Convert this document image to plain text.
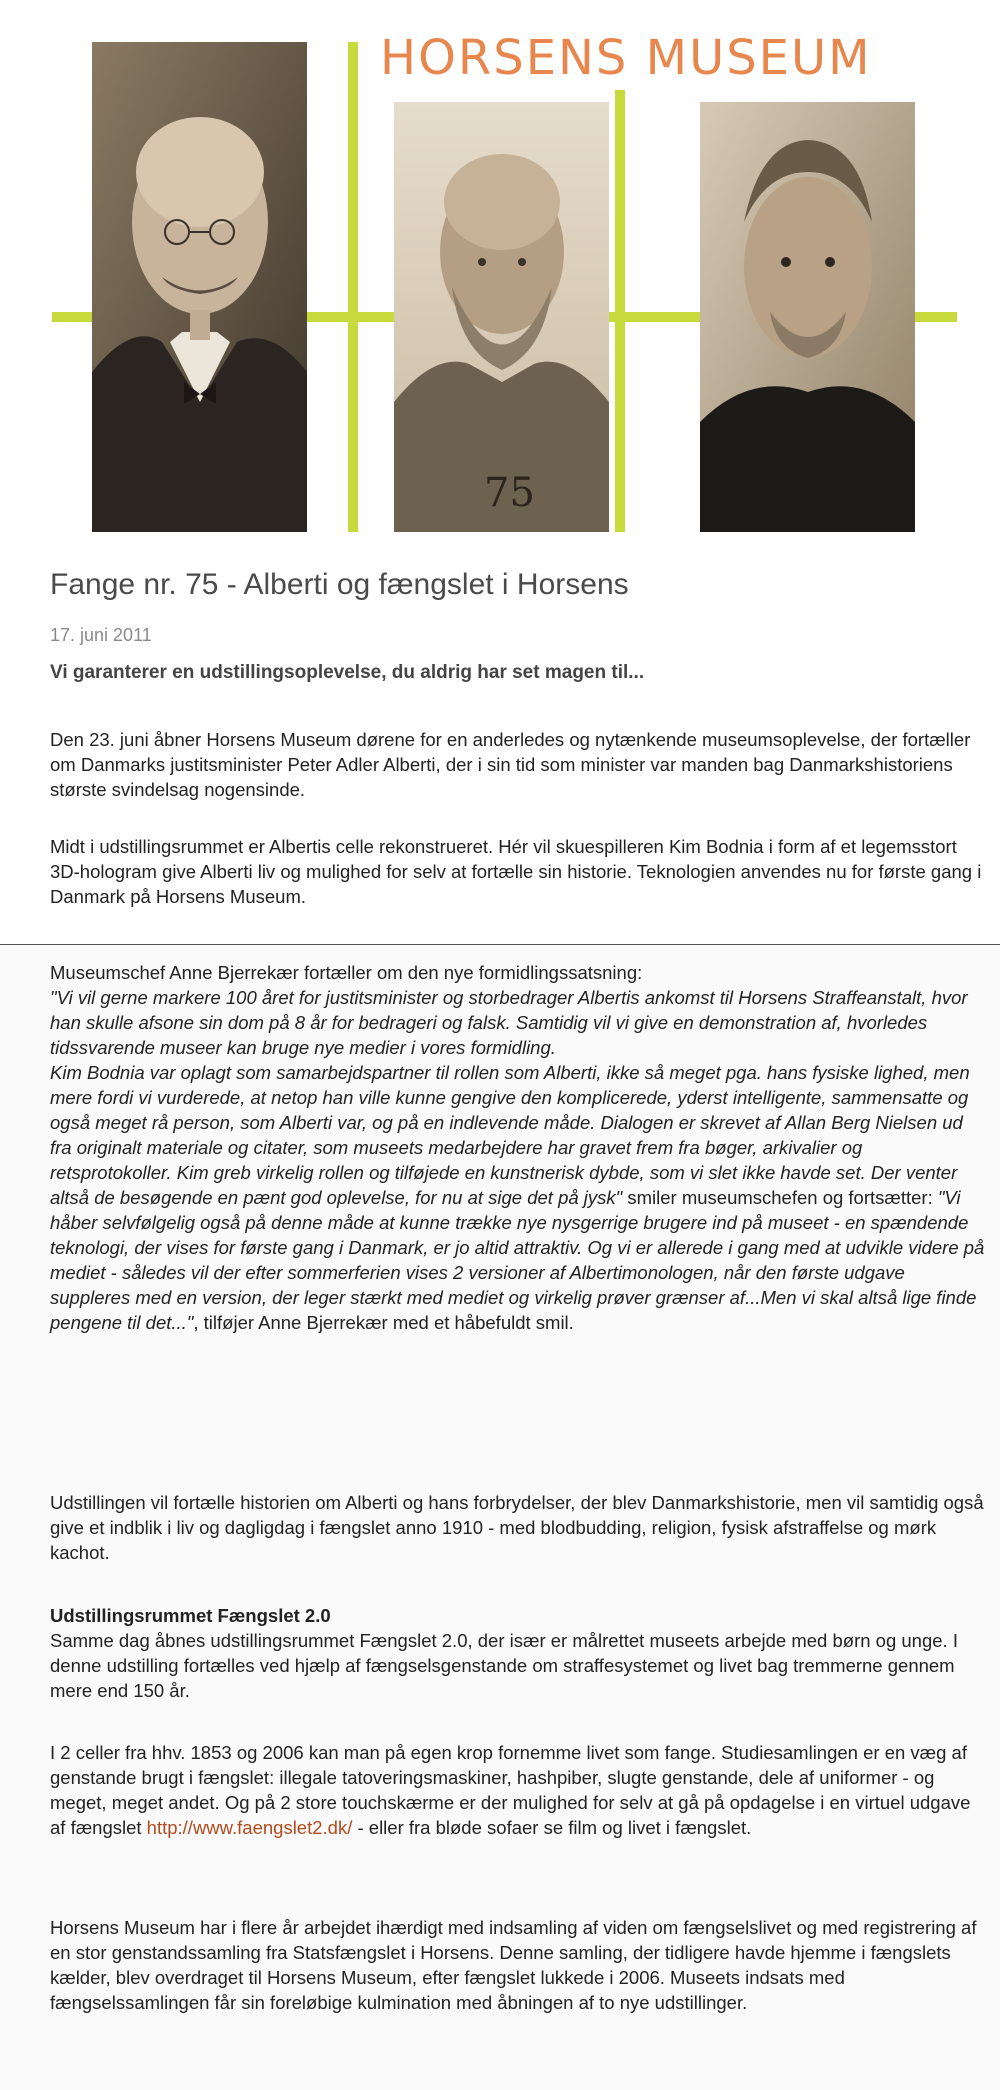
HORSENS MUSEUM
75
Fange nr. 75 - Alberti og fængslet i Horsens
17. juni 2011
Vi garanterer en udstillingsoplevelse, du aldrig har set magen til...

Den 23. juni åbner Horsens Museum dørene for en anderledes og nytænkende museumsoplevelse, der fortæller om Danmarks justitsminister Peter Adler Alberti, der i sin tid som minister var manden bag Danmarkshistoriens største svindelsag nogensinde.

Midt i udstillingsrummet er Albertis celle rekonstrueret. Hér vil skuespilleren Kim Bodnia i form af et legemsstort 3D-hologram give Alberti liv og mulighed for selv at fortælle sin historie. Teknologien anvendes nu for første gang i Danmark på Horsens Museum.

Museumschef Anne Bjerrekær fortæller om den nye formidlingssatsning:
"Vi vil gerne markere 100 året for justitsminister og storbedrager Albertis ankomst til Horsens Straffeanstalt, hvor han skulle afsone sin dom på 8 år for bedrageri og falsk. Samtidig vil vi give en demonstration af, hvorledes tidssvarende museer kan bruge nye medier i vores formidling.
Kim Bodnia var oplagt som samarbejdspartner til rollen som Alberti, ikke så meget pga. hans fysiske lighed, men mere fordi vi vurderede, at netop han ville kunne gengive den komplicerede, yderst intelligente, sammensatte og også meget rå person, som Alberti var, og på en indlevende måde. Dialogen er skrevet af Allan Berg Nielsen ud fra originalt materiale og citater, som museets medarbejdere har gravet frem fra bøger, arkivalier og retsprotokoller. Kim greb virkelig rollen og tilføjede en kunstnerisk dybde, som vi slet ikke havde set. Der venter altså de besøgende en pænt god oplevelse, for nu at sige det på jysk" smiler museumschefen og fortsætter: "Vi håber selvfølgelig også på denne måde at kunne trække nye nysgerrige brugere ind på museet - en spændende teknologi, der vises for første gang i Danmark, er jo altid attraktiv. Og vi er allerede i gang med at udvikle videre på mediet - således vil der efter sommerferien vises 2 versioner af Albertimonologen, når den første udgave suppleres med en version, der leger stærkt med mediet og virkelig prøver grænser af...Men vi skal altså lige finde pengene til det...", tilføjer Anne Bjerrekær med et håbefuldt smil.

Udstillingen vil fortælle historien om Alberti og hans forbrydelser, der blev Danmarkshistorie, men vil samtidig også give et indblik i liv og dagligdag i fængslet anno 1910 - med blodbudding, religion, fysisk afstraffelse og mørk kachot.

Udstillingsrummet Fængslet 2.0
Samme dag åbnes udstillingsrummet Fængslet 2.0, der især er målrettet museets arbejde med børn og unge. I denne udstilling fortælles ved hjælp af fængselsgenstande om straffesystemet og livet bag tremmerne gennem mere end 150 år.

I 2 celler fra hhv. 1853 og 2006 kan man på egen krop fornemme livet som fange. Studiesamlingen er en væg af genstande brugt i fængslet: illegale tatoveringsmaskiner, hashpiber, slugte genstande, dele af uniformer - og meget, meget andet. Og på 2 store touchskærme er der mulighed for selv at gå på opdagelse i en virtuel udgave af fængslet http://www.faengslet2.dk/ - eller fra bløde sofaer se film og livet i fængslet.

Horsens Museum har i flere år arbejdet ihærdigt med indsamling af viden om fængselslivet og med registrering af en stor genstandssamling fra Statsfængslet i Horsens. Denne samling, der tidligere havde hjemme i fængslets kælder, blev overdraget til Horsens Museum, efter fængslet lukkede i 2006. Museets indsats med fængselssamlingen får sin foreløbige kulmination med åbningen af to nye udstillinger.
